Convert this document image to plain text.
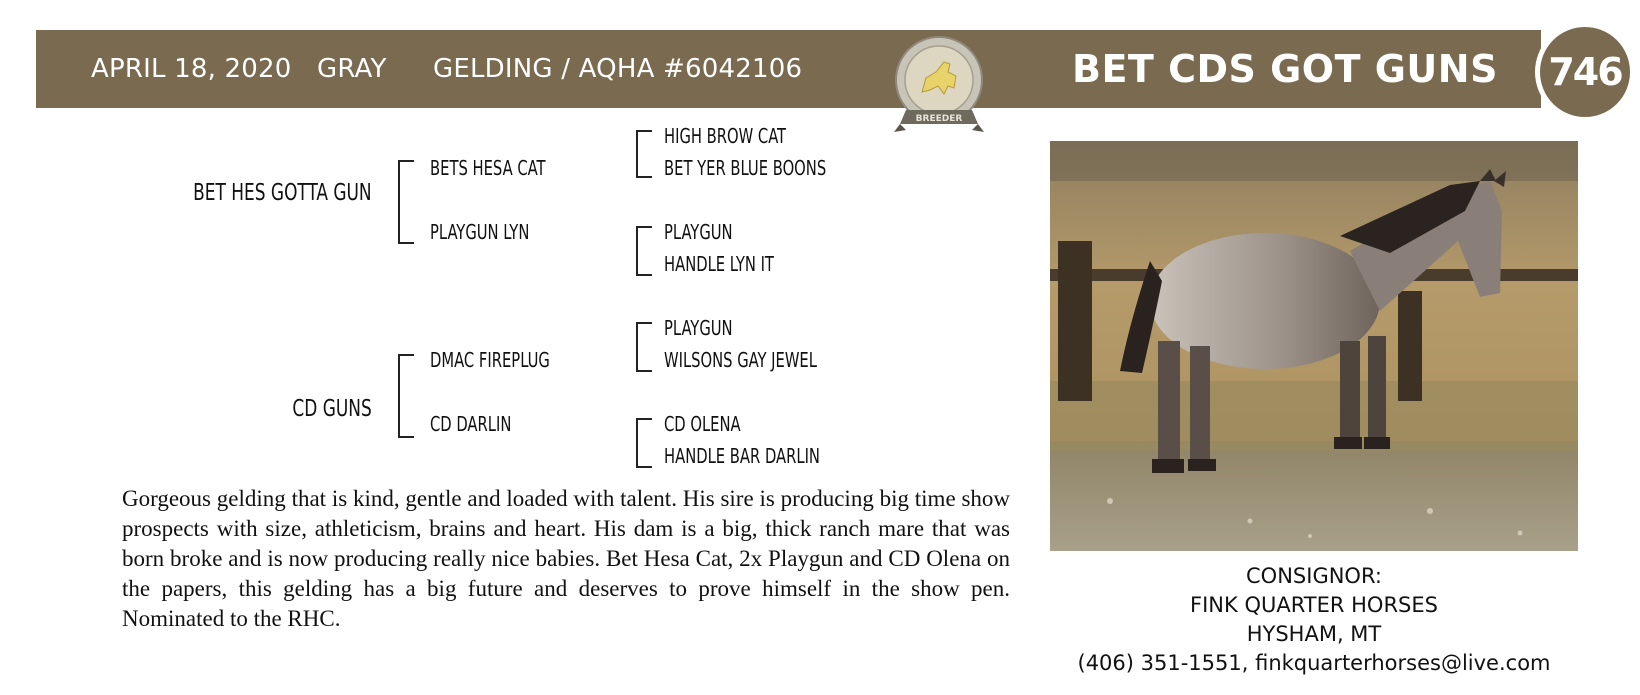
APRIL 18, 2020 GRAY GELDING / AQHA #6042106	BET CDS GOT GUNS	746
BREEDER
BET HES GOTTA GUN
BETS HESA CAT
PLAYGUN LYN
HIGH BROW CAT
BET YER BLUE BOONS
PLAYGUN
HANDLE LYN IT
CD GUNS
DMAC FIREPLUG
CD DARLIN
PLAYGUN
WILSONS GAY JEWEL
CD OLENA
HANDLE BAR DARLIN
Gorgeous gelding that is kind, gentle and loaded with talent. His sire is producing big time show prospects with size, athleticism, brains and heart. His dam is a big, thick ranch mare that was born broke and is now producing really nice babies. Bet Hesa Cat, 2x Playgun and CD Olena on the papers, this gelding has a big future and deserves to prove himself in the show pen. Nominated to the RHC.
CONSIGNOR:
FINK QUARTER HORSES
HYSHAM, MT
(406) 351-1551, finkquarterhorses@live.com
